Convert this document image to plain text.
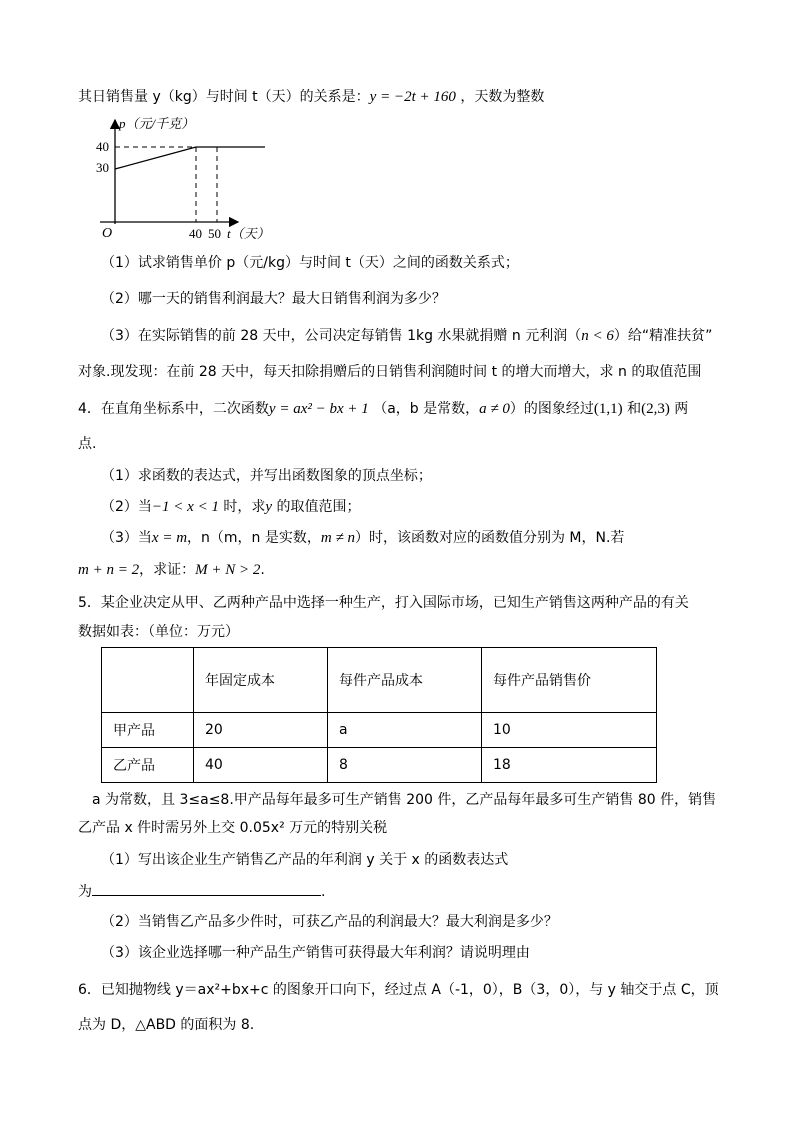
其日销售量 y（kg）与时间 t（天）的关系是：y = −2t + 160 ，天数为整数
p（元/千克）
40
30
O	40 50 t（天）
（1）试求销售单价 p（元/kg）与时间 t（天）之间的函数关系式；
（2）哪一天的销售利润最大？最大日销售利润为多少？
（3）在实际销售的前 28 天中，公司决定每销售 1kg 水果就捐赠 n 元利润（n < 6）给“精准扶贫”
对象.现发现：在前 28 天中，每天扣除捐赠后的日销售利润随时间 t 的增大而增大，求 n 的取值范围
4．在直角坐标系中，二次函数y = ax² − bx + 1 （a，b 是常数，a ≠ 0）的图象经过(1,1) 和(2,3) 两
点.
（1）求函数的表达式，并写出函数图象的顶点坐标；
（2）当−1 < x < 1 时，求y 的取值范围；
（3）当x = m，n（m，n 是实数，m ≠ n）时，该函数对应的函数值分别为 M，N.若
m + n = 2，求证：M + N > 2.
5．某企业决定从甲、乙两种产品中选择一种生产，打入国际市场，已知生产销售这两种产品的有关
数据如表：（单位：万元）
	年固定成本	每件产品成本	每件产品销售价
甲产品	20	a	10
乙产品	40	8	18
a 为常数，且 3≤a≤8.甲产品每年最多可生产销售 200 件，乙产品每年最多可生产销售 80 件，销售
乙产品 x 件时需另外上交 0.05x² 万元的特别关税
（1）写出该企业生产销售乙产品的年利润 y 关于 x 的函数表达式
为	.
（2）当销售乙产品多少件时，可获乙产品的利润最大？最大利润是多少？
（3）该企业选择哪一种产品生产销售可获得最大年利润？请说明理由
6．已知抛物线 y＝ax²+bx+c 的图象开口向下，经过点 A（-1，0），B（3，0），与 y 轴交于点 C，顶
点为 D，△ABD 的面积为 8.
